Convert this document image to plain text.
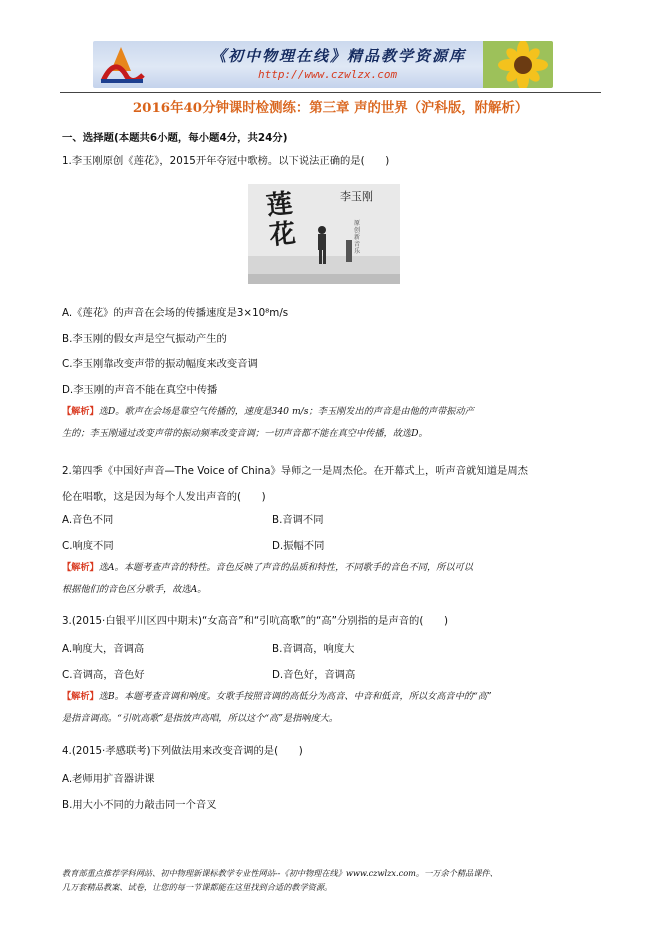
《初中物理在线》精品教学资源库
http://www.czwlzx.com
2016年40分钟课时检测练：第三章 声的世界（沪科版，附解析）
一、选择题(本题共6小题，每小题4分，共24分)
1.李玉刚原创《莲花》，2015开年夺冠中歌榜。以下说法正确的是(　　)
莲
花
李玉刚
原创新音乐
A.《莲花》的声音在会场的传播速度是3×10⁸m/s
B.李玉刚的假女声是空气振动产生的
C.李玉刚靠改变声带的振动幅度来改变音调
D.李玉刚的声音不能在真空中传播
【解析】选D。歌声在会场是靠空气传播的，速度是340 m/s；李玉刚发出的声音是由他的声带振动产
生的；李玉刚通过改变声带的振动频率改变音调；一切声音都不能在真空中传播，故选D。
2.第四季《中国好声音—The Voice of China》导师之一是周杰伦。在开幕式上，听声音就知道是周杰
伦在唱歌，这是因为每个人发出声音的(　　)
A.音色不同	B.音调不同
C.响度不同	D.振幅不同
【解析】选A。本题考查声音的特性。音色反映了声音的品质和特性，不同歌手的音色不同，所以可以
根据他们的音色区分歌手，故选A。
3.(2015·白银平川区四中期末)“女高音”和“引吭高歌”的“高”分别指的是声音的(　　)
A.响度大，音调高	B.音调高，响度大
C.音调高，音色好	D.音色好，音调高
【解析】选B。本题考查音调和响度。女歌手按照音调的高低分为高音、中音和低音，所以女高音中的“高”
是指音调高。“引吭高歌”是指放声高唱，所以这个“高”是指响度大。
4.(2015·孝感联考)下列做法用来改变音调的是(　　)
A.老师用扩音器讲课
B.用大小不同的力敲击同一个音叉
教育部重点推荐学科网站、初中物理新课标教学专业性网站--《初中物理在线》www.czwlzx.com。一万余个精品课件、
几万套精品教案、试卷，让您的每一节课都能在这里找到合适的教学资源。
